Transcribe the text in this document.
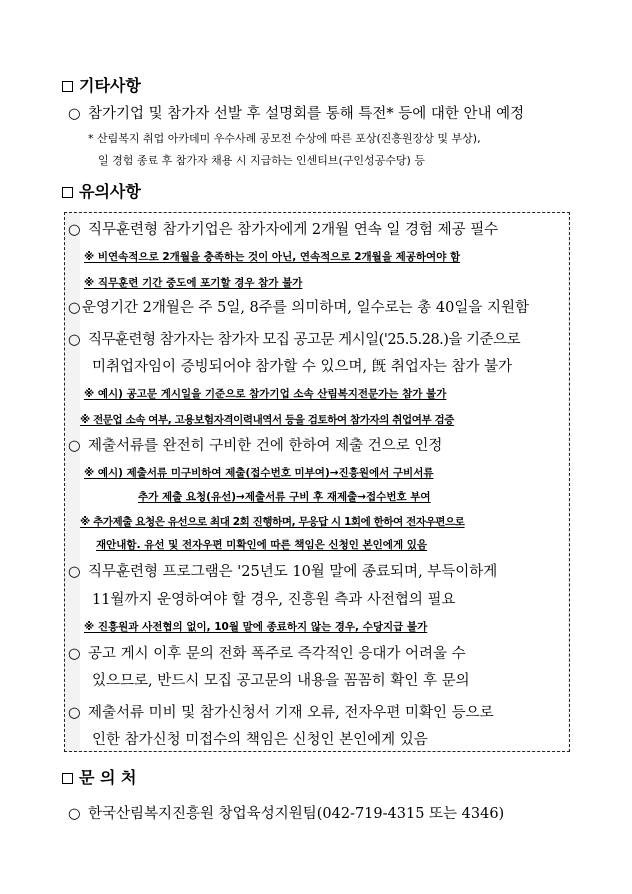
기타사항
○ 참가기업 및 참가자 선발 후 설명회를 통해 특전* 등에 대한 안내 예정
* 산림복지 취업 아카데미 우수사례 공모전 수상에 따른 포상(진흥원장상 및 부상),
일 경험 종료 후 참가자 채용 시 지급하는 인센티브(구인성공수당) 등
유의사항
○ 직무훈련형 참가기업은 참가자에게 2개월 연속 일 경험 제공 필수
※ 비연속적으로 2개월을 충족하는 것이 아닌, 연속적으로 2개월을 제공하여야 함
※ 직무훈련 기간 중도에 포기할 경우 참가 불가
○운영기간 2개월은 주 5일, 8주를 의미하며, 일수로는 총 40일을 지원함
○ 직무훈련형 참가자는 참가자 모집 공고문 게시일('25.5.28.)을 기준으로
미취업자임이 증빙되어야 참가할 수 있으며, 旣 취업자는 참가 불가
※ 예시) 공고문 게시일을 기준으로 참가기업 소속 산림복지전문가는 참가 불가
※ 전문업 소속 여부, 고용보험자격이력내역서 등을 검토하여 참가자의 취업여부 검증
○ 제출서류를 완전히 구비한 건에 한하여 제출 건으로 인정
※ 예시) 제출서류 미구비하여 제출(접수번호 미부여)→진흥원에서 구비서류
추가 제출 요청(유선)→제출서류 구비 후 재제출→접수번호 부여
※ 추가제출 요청은 유선으로 최대 2회 진행하며, 무응답 시 1회에 한하여 전자우편으로
재안내함. 유선 및 전자우편 미확인에 따른 책임은 신청인 본인에게 있음
○ 직무훈련형 프로그램은 '25년도 10월 말에 종료되며, 부득이하게
11월까지 운영하여야 할 경우, 진흥원 측과 사전협의 필요
※ 진흥원과 사전협의 없이, 10월 말에 종료하지 않는 경우, 수당지급 불가
○ 공고 게시 이후 문의 전화 폭주로 즉각적인 응대가 어려울 수
있으므로, 반드시 모집 공고문의 내용을 꼼꼼히 확인 후 문의
○ 제출서류 미비 및 참가신청서 기재 오류, 전자우편 미확인 등으로
인한 참가신청 미접수의 책임은 신청인 본인에게 있음
문 의 처
○ 한국산림복지진흥원 창업육성지원팀(042-719-4315 또는 4346)
